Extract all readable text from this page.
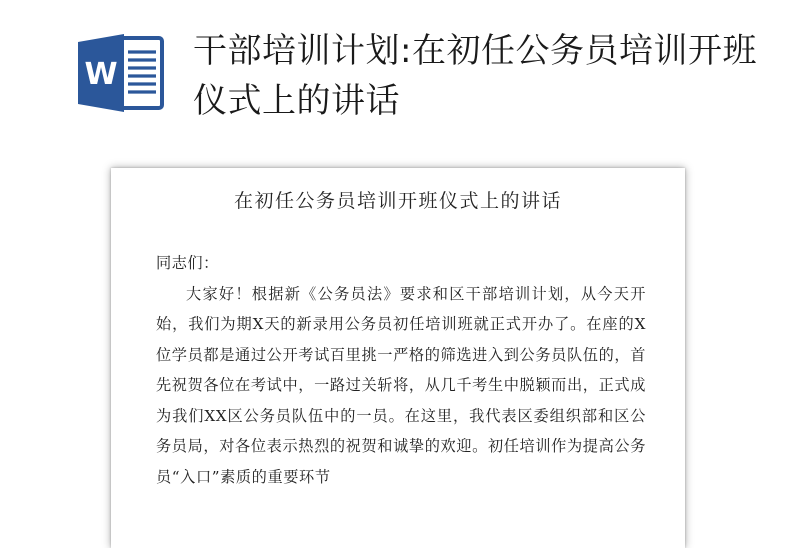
W
干部培训计划:在初任公务员培训开班仪式上的讲话
在初任公务员培训开班仪式上的讲话

同志们：

大家好！根据新《公务员法》要求和区干部培训计划，从今天开始，我们为期X天的新录用公务员初任培训班就正式开办了。在座的X位学员都是通过公开考试百里挑一严格的筛选进入到公务员队伍的，首先祝贺各位在考试中，一路过关斩将，从几千考生中脱颖而出，正式成为我们XX区公务员队伍中的一员。在这里，我代表区委组织部和区公务员局，对各位表示热烈的祝贺和诚挚的欢迎。初任培训作为提高公务员“入口”素质的重要环节
